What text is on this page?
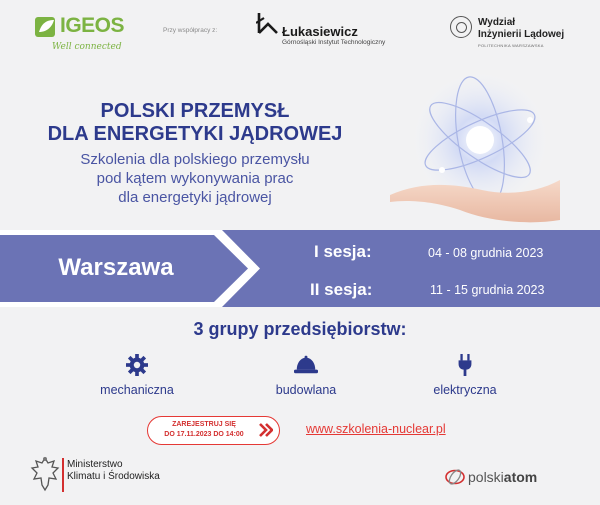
IGEOS
Well connected
Przy współpracy z:	Łukasiewicz
Górnośląski Instytut Technologiczny
Wydział
Inżynierii Lądowej
POLITECHNIKA WARSZAWSKA
POLSKI PRZEMYSŁ
DLA ENERGETYKI JĄDROWEJ
Szkolenia dla polskiego przemysłu
pod kątem wykonywania prac
dla energetyki jądrowej
Warszawa
I sesja:	04 - 08 grudnia 2023
II sesja:	11 - 15 grudnia 2023
3 grupy przedsiębiorstw:
mechaniczna	budowlana	elektryczna
ZAREJESTRUJ SIĘ
DO 17.11.2023 DO 14:00	www.szkolenia-nuclear.pl
Ministerstwo
Klimatu i Środowiska	polskiatom
